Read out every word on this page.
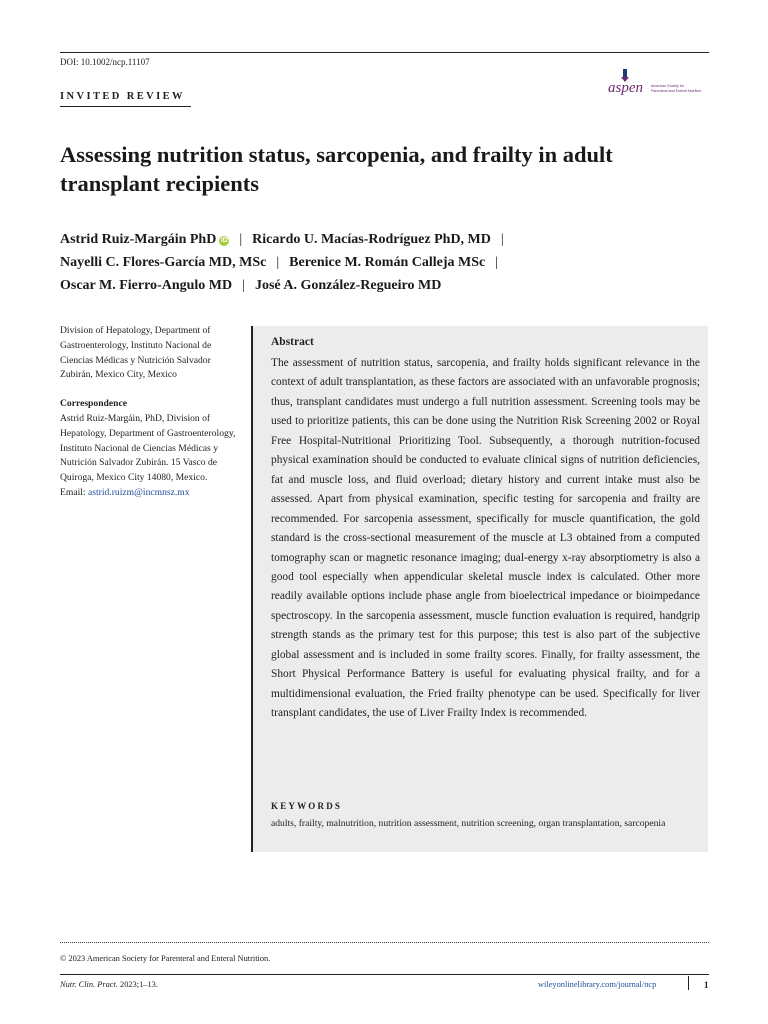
DOI: 10.1002/ncp.11107
INVITED REVIEW
aspen American Society for
Parenteral and Enteral Nutrition
Assessing nutrition status, sarcopenia, and frailty in adult transplant recipients
Astrid Ruiz-Margáin PhD iD | Ricardo U. Macías-Rodríguez PhD, MD |
Nayelli C. Flores-García MD, MSc | Berenice M. Román Calleja MSc |
Oscar M. Fierro-Angulo MD | José A. González-Regueiro MD
Division of Hepatology, Department of Gastroenterology, Instituto Nacional de Ciencias Médicas y Nutrición Salvador Zubirán, Mexico City, Mexico
Correspondence
Astrid Ruiz-Margáin, PhD, Division of Hepatology, Department of Gastroenterology, Instituto Nacional de Ciencias Médicas y Nutrición Salvador Zubirán. 15 Vasco de Quiroga, Mexico City 14080, Mexico.
Email: astrid.ruizm@incmnsz.mx
Abstract
The assessment of nutrition status, sarcopenia, and frailty holds significant relevance in the context of adult transplantation, as these factors are associated with an unfavorable prognosis; thus, transplant candidates must undergo a full nutrition assessment. Screening tools may be used to prioritize patients, this can be done using the Nutrition Risk Screening 2002 or Royal Free Hospital-Nutritional Prioritizing Tool. Subsequently, a thorough nutrition-focused physical examination should be conducted to evaluate clinical signs of nutrition deficiencies, fat and muscle loss, and fluid overload; dietary history and current intake must also be assessed. Apart from physical examination, specific testing for sarcopenia and frailty are recommended. For sarcopenia assessment, specifically for muscle quantification, the gold standard is the cross-sectional measurement of the muscle at L3 obtained from a computed tomography scan or magnetic resonance imaging; dual-energy x-ray absorptiometry is also a good tool especially when appendicular skeletal muscle index is calculated. Other more readily available options include phase angle from bioelectrical impedance or bioimpedance spectroscopy. In the sarcopenia assessment, muscle function evaluation is required, handgrip strength stands as the primary test for this purpose; this test is also part of the subjective global assessment and is included in some frailty scores. Finally, for frailty assessment, the Short Physical Performance Battery is useful for evaluating physical frailty, and for a multidimensional evaluation, the Fried frailty phenotype can be used. Specifically for liver transplant candidates, the use of Liver Frailty Index is recommended.
KEYWORDS
adults, frailty, malnutrition, nutrition assessment, nutrition screening, organ transplantation, sarcopenia
© 2023 American Society for Parenteral and Enteral Nutrition.
Nutr. Clin. Pract. 2023;1–13.	wileyonlinelibrary.com/journal/ncp	1
